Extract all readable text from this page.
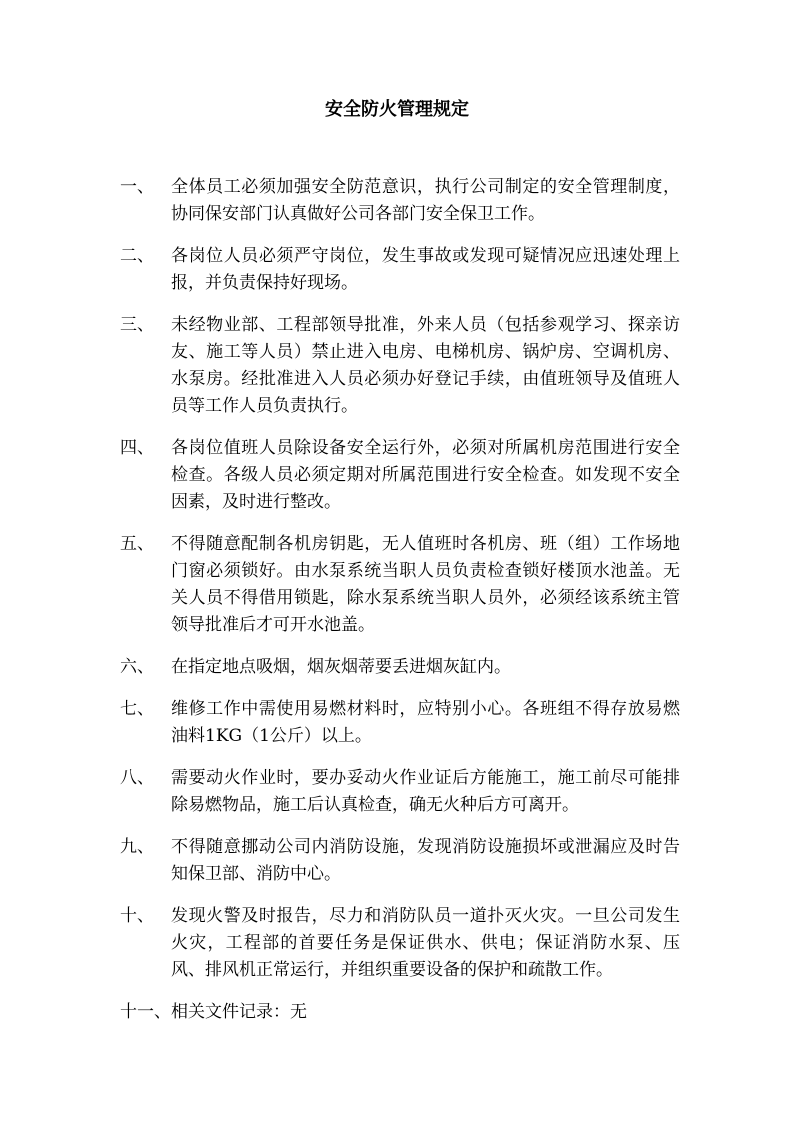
安全防火管理规定
一、	全体员工必须加强安全防范意识，执行公司制定的安全管理制度，协同保安部门认真做好公司各部门安全保卫工作。
二、	各岗位人员必须严守岗位，发生事故或发现可疑情况应迅速处理上报，并负责保持好现场。
三、	未经物业部、工程部领导批准，外来人员（包括参观学习、探亲访友、施工等人员）禁止进入电房、电梯机房、锅炉房、空调机房、水泵房。经批准进入人员必须办好登记手续，由值班领导及值班人员等工作人员负责执行。
四、	各岗位值班人员除设备安全运行外，必须对所属机房范围进行安全检查。各级人员必须定期对所属范围进行安全检查。如发现不安全因素，及时进行整改。
五、	不得随意配制各机房钥匙，无人值班时各机房、班（组）工作场地门窗必须锁好。由水泵系统当职人员负责检查锁好楼顶水池盖。无关人员不得借用锁匙，除水泵系统当职人员外，必须经该系统主管领导批准后才可开水池盖。
六、	在指定地点吸烟，烟灰烟蒂要丢进烟灰缸内。
七、	维修工作中需使用易燃材料时，应特别小心。各班组不得存放易燃油料1KG（1公斤）以上。
八、	需要动火作业时，要办妥动火作业证后方能施工，施工前尽可能排除易燃物品，施工后认真检查，确无火种后方可离开。
九、	不得随意挪动公司内消防设施，发现消防设施损坏或泄漏应及时告知保卫部、消防中心。
十、	发现火警及时报告，尽力和消防队员一道扑灭火灾。一旦公司发生火灾，工程部的首要任务是保证供水、供电；保证消防水泵、压风、排风机正常运行，并组织重要设备的保护和疏散工作。
十一、 相关文件记录：无
